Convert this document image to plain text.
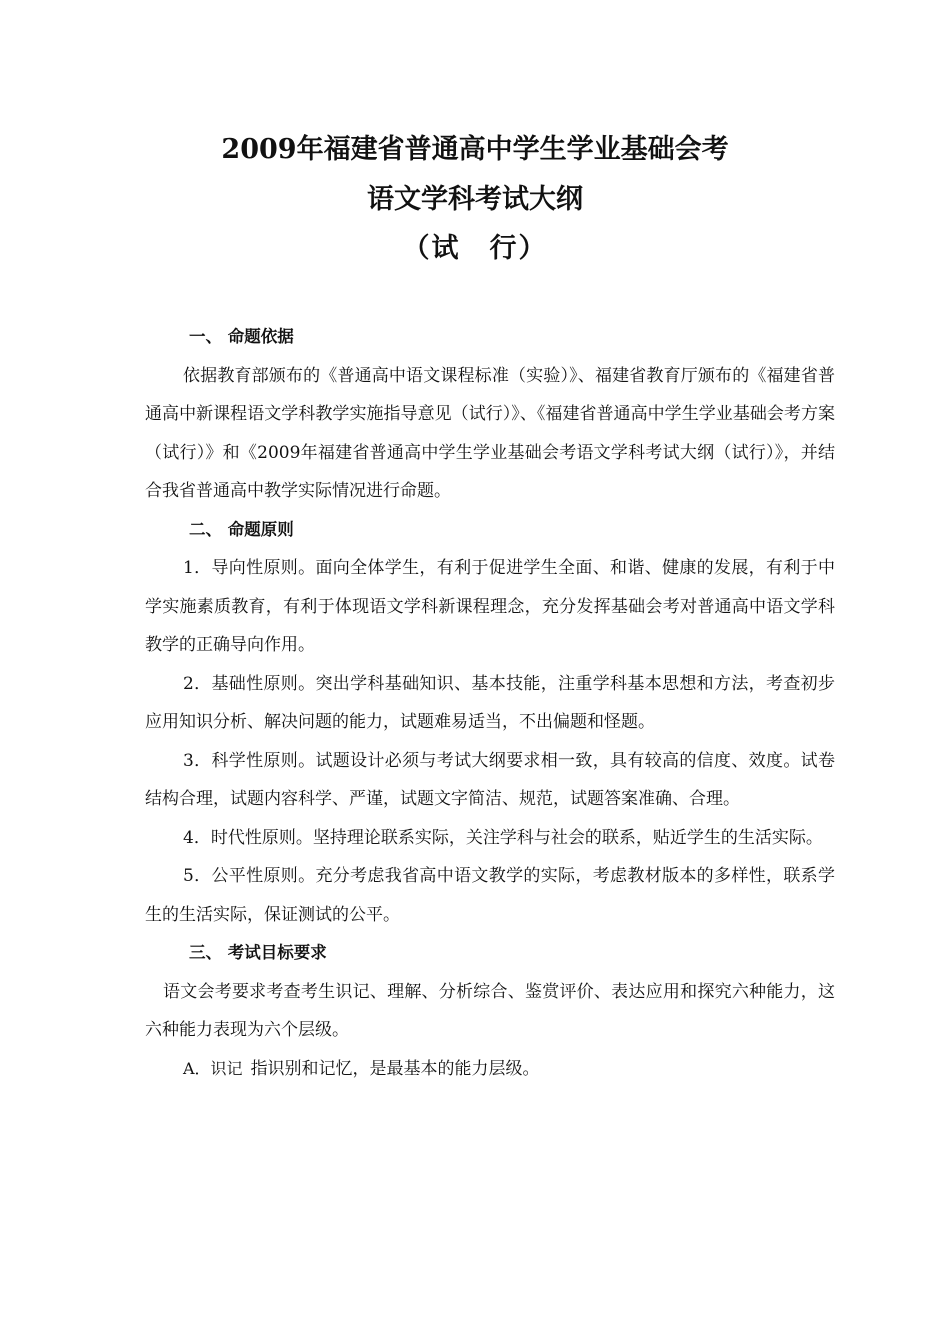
2009年福建省普通高中学生学业基础会考
语文学科考试大纲
（试　行）

一、 命题依据

依据教育部颁布的《普通高中语文课程标准（实验）》、福建省教育厅颁布的《福建省普通高中新课程语文学科教学实施指导意见（试行）》、《福建省普通高中学生学业基础会考方案（试行）》和《2009年福建省普通高中学生学业基础会考语文学科考试大纲（试行）》，并结合我省普通高中教学实际情况进行命题。

二、 命题原则

1．导向性原则。面向全体学生，有利于促进学生全面、和谐、健康的发展，有利于中学实施素质教育，有利于体现语文学科新课程理念，充分发挥基础会考对普通高中语文学科教学的正确导向作用。

2．基础性原则。突出学科基础知识、基本技能，注重学科基本思想和方法，考查初步应用知识分析、解决问题的能力，试题难易适当，不出偏题和怪题。

3．科学性原则。试题设计必须与考试大纲要求相一致，具有较高的信度、效度。试卷结构合理，试题内容科学、严谨，试题文字简洁、规范，试题答案准确、合理。

4．时代性原则。坚持理论联系实际，关注学科与社会的联系，贴近学生的生活实际。

5．公平性原则。充分考虑我省高中语文教学的实际，考虑教材版本的多样性，联系学生的生活实际，保证测试的公平。

三、 考试目标要求

语文会考要求考查考生识记、理解、分析综合、鉴赏评价、表达应用和探究六种能力，这六种能力表现为六个层级。

A．识记 指识别和记忆，是最基本的能力层级。
